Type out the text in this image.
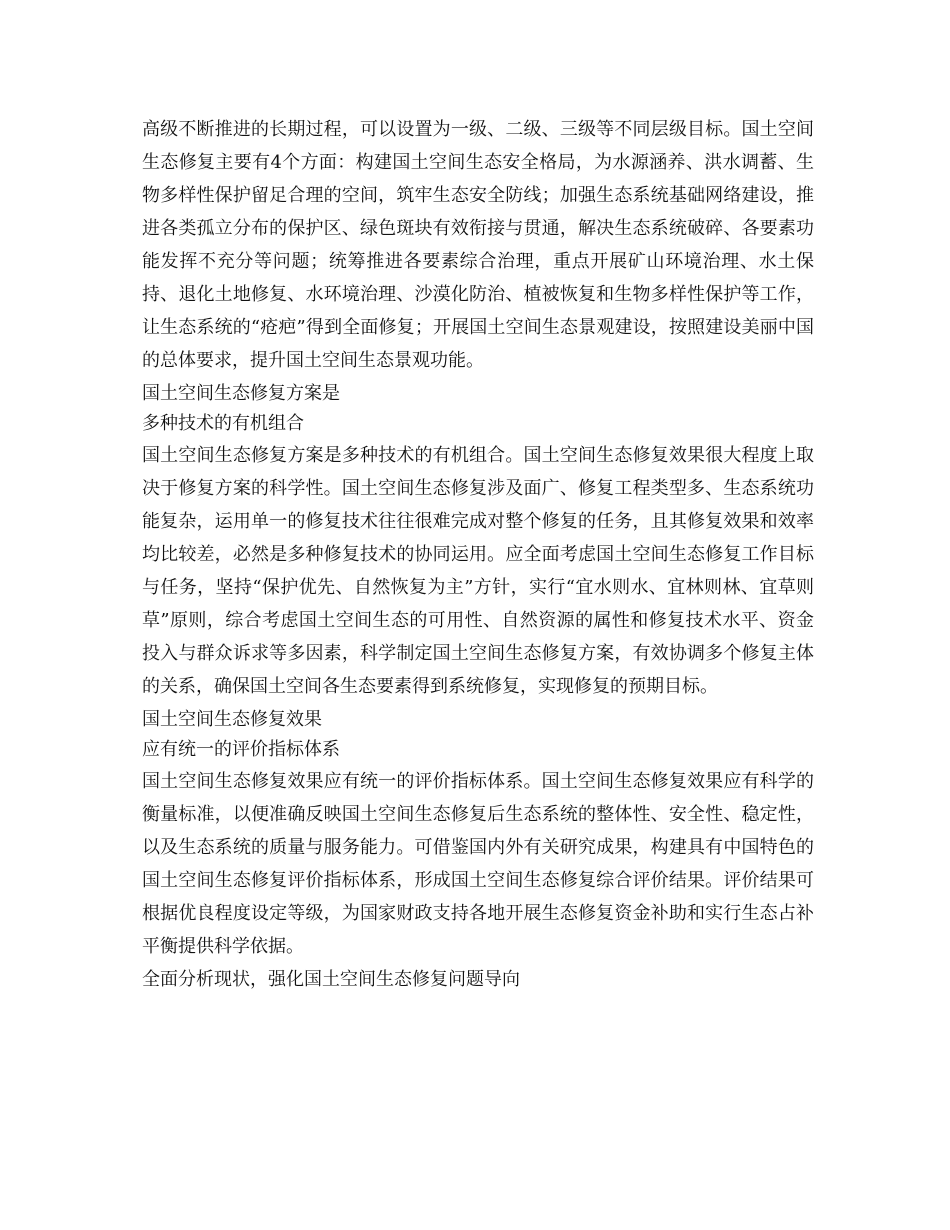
高级不断推进的长期过程，可以设置为一级、二级、三级等不同层级目标。国土空间生态修复主要有4个方面：构建国土空间生态安全格局，为水源涵养、洪水调蓄、生物多样性保护留足合理的空间，筑牢生态安全防线；加强生态系统基础网络建设，推进各类孤立分布的保护区、绿色斑块有效衔接与贯通，解决生态系统破碎、各要素功能发挥不充分等问题；统筹推进各要素综合治理，重点开展矿山环境治理、水土保持、退化土地修复、水环境治理、沙漠化防治、植被恢复和生物多样性保护等工作，让生态系统的“疮疤”得到全面修复；开展国土空间生态景观建设，按照建设美丽中国的总体要求，提升国土空间生态景观功能。

国土空间生态修复方案是

多种技术的有机组合

国土空间生态修复方案是多种技术的有机组合。国土空间生态修复效果很大程度上取决于修复方案的科学性。国土空间生态修复涉及面广、修复工程类型多、生态系统功能复杂，运用单一的修复技术往往很难完成对整个修复的任务，且其修复效果和效率均比较差，必然是多种修复技术的协同运用。应全面考虑国土空间生态修复工作目标与任务，坚持“保护优先、自然恢复为主”方针，实行“宜水则水、宜林则林、宜草则草”原则，综合考虑国土空间生态的可用性、自然资源的属性和修复技术水平、资金投入与群众诉求等多因素，科学制定国土空间生态修复方案，有效协调多个修复主体的关系，确保国土空间各生态要素得到系统修复，实现修复的预期目标。

国土空间生态修复效果

应有统一的评价指标体系

国土空间生态修复效果应有统一的评价指标体系。国土空间生态修复效果应有科学的衡量标准，以便准确反映国土空间生态修复后生态系统的整体性、安全性、稳定性，以及生态系统的质量与服务能力。可借鉴国内外有关研究成果，构建具有中国特色的国土空间生态修复评价指标体系，形成国土空间生态修复综合评价结果。评价结果可根据优良程度设定等级，为国家财政支持各地开展生态修复资金补助和实行生态占补平衡提供科学依据。

全面分析现状，强化国土空间生态修复问题导向
